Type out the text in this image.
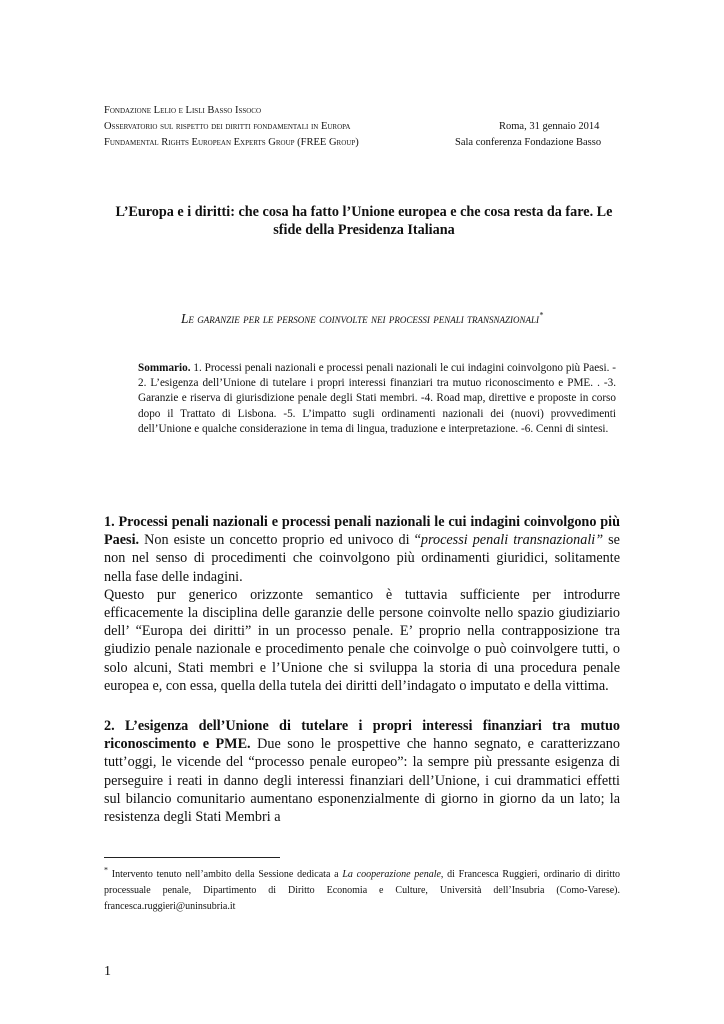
Fondazione Lelio e Lisli Basso Issoco
Osservatorio sul rispetto dei diritti fondamentali in Europa
Fundamental Rights European Experts Group (FREE Group)
Roma, 31 gennaio 2014
Sala conferenza Fondazione Basso
L’Europa e i diritti: che cosa ha fatto l’Unione europea e che cosa resta da fare. Le sfide della Presidenza Italiana
Le garanzie per le persone coinvolte nei processi penali transnazionali*
Sommario. 1. Processi penali nazionali e processi penali nazionali le cui indagini coinvolgono più Paesi. - 2. L’esigenza dell’Unione di tutelare i propri interessi finanziari tra mutuo riconoscimento e PME. . -3. Garanzie e riserva di giurisdizione penale degli Stati membri. -4. Road map, direttive e proposte in corso dopo il Trattato di Lisbona. -5. L’impatto sugli ordinamenti nazionali dei (nuovi) provvedimenti dell’Unione e qualche considerazione in tema di lingua, traduzione e interpretazione. -6. Cenni di sintesi.

1. Processi penali nazionali e processi penali nazionali le cui indagini coinvolgono più Paesi. Non esiste un concetto proprio ed univoco di “processi penali transnazionali” se non nel senso di procedimenti che coinvolgono più ordinamenti giuridici, solitamente nella fase delle indagini.

Questo pur generico orizzonte semantico è tuttavia sufficiente per introdurre efficacemente la disciplina delle garanzie delle persone coinvolte nello spazio giudiziario dell’ “Europa dei diritti” in un processo penale. E’ proprio nella contrapposizione tra giudizio penale nazionale e procedimento penale che coinvolge o può coinvolgere tutti, o solo alcuni, Stati membri e l’Unione che si sviluppa la storia di una procedura penale europea e, con essa, quella della tutela dei diritti dell’indagato o imputato e della vittima.

2. L’esigenza dell’Unione di tutelare i propri interessi finanziari tra mutuo riconoscimento e PME. Due sono le prospettive che hanno segnato, e caratterizzano tutt’oggi, le vicende del “processo penale europeo”: la sempre più pressante esigenza di perseguire i reati in danno degli interessi finanziari dell’Unione, i cui drammatici effetti sul bilancio comunitario aumentano esponenzialmente di giorno in giorno da un lato; la resistenza degli Stati Membri a

* Intervento tenuto nell’ambito della Sessione dedicata a La cooperazione penale, di Francesca Ruggieri, ordinario di diritto processuale penale, Dipartimento di Diritto Economia e Culture, Università dell’Insubria (Como-Varese). francesca.ruggieri@uninsubria.it
1
